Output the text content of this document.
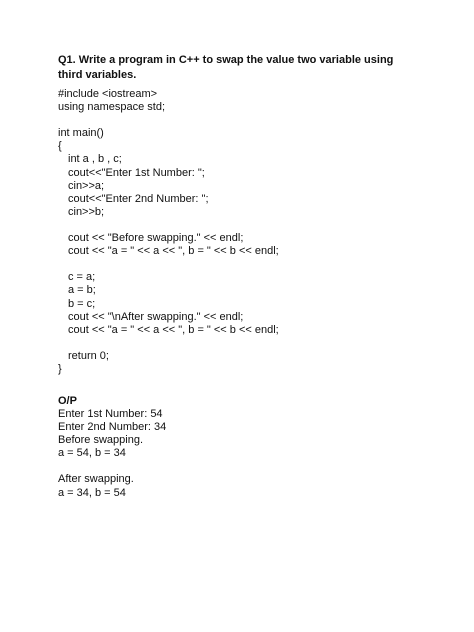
Q1. Write a program in C++ to swap the value two variable using third variables.
#include <iostream>
using namespace std;
int main()
{
int a , b , c;
cout<<"Enter 1st Number: ";
cin>>a;
cout<<"Enter 2nd Number: ";
cin>>b;
cout << "Before swapping." << endl;
cout << "a = " << a << ", b = " << b << endl;
c = a;
a = b;
b = c;
cout << "\nAfter swapping." << endl;
cout << "a = " << a << ", b = " << b << endl;
return 0;
}
O/P
Enter 1st Number: 54
Enter 2nd Number: 34
Before swapping.
a = 54, b = 34
After swapping.
a = 34, b = 54
